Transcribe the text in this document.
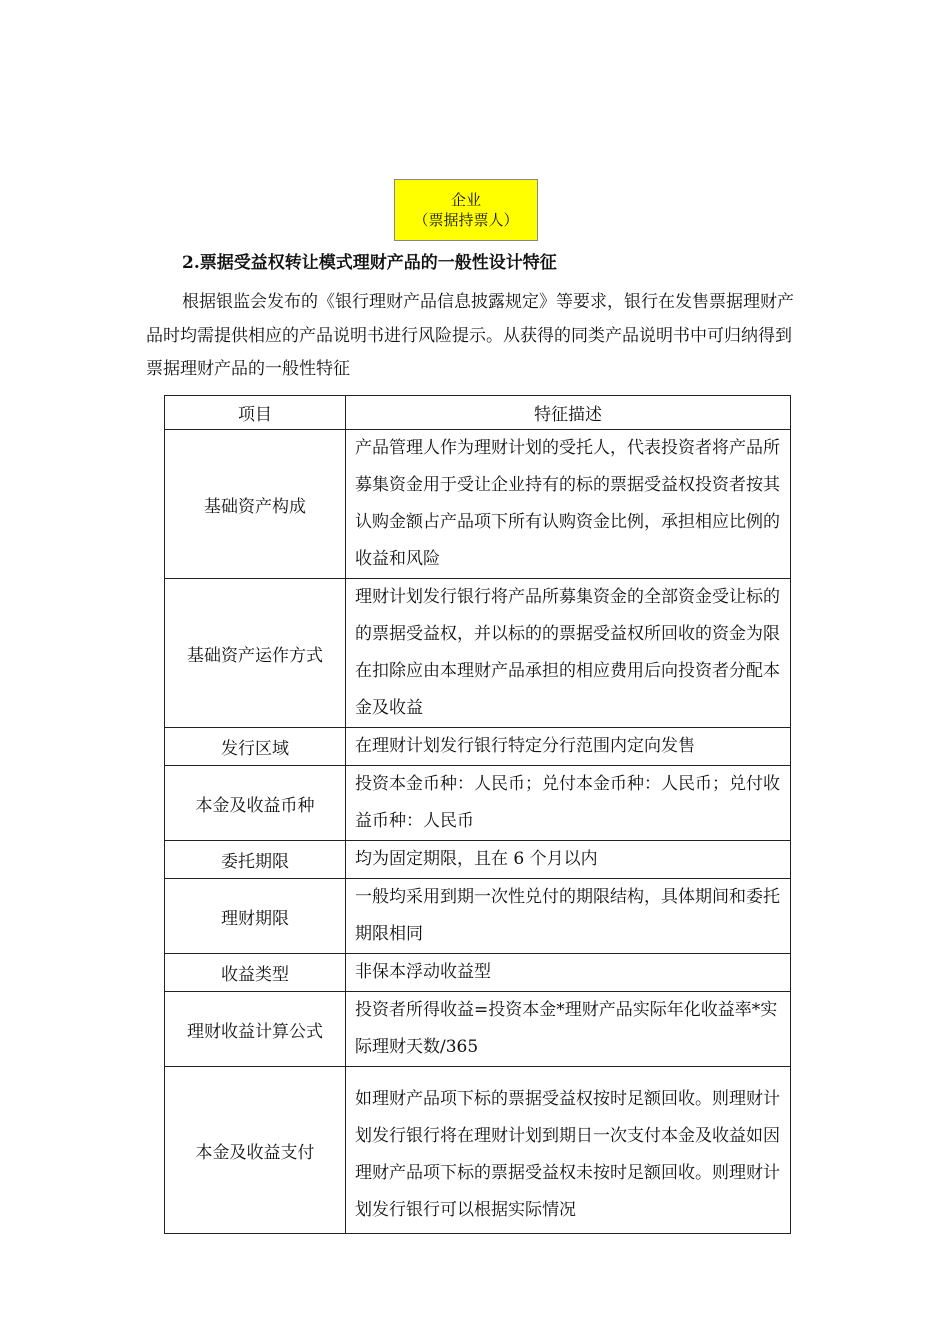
企业
（票据持票人）
2.票据受益权转让模式理财产品的一般性设计特征

根据银监会发布的《银行理财产品信息披露规定》等要求，银行在发售票据理财产品时均需提供相应的产品说明书进行风险提示。从获得的同类产品说明书中可归纳得到票据理财产品的一般性特征

项目	特征描述
基础资产构成	产品管理人作为理财计划的受托人，代表投资者将产品所募集资金用于受让企业持有的标的票据受益权投资者按其认购金额占产品项下所有认购资金比例，承担相应比例的收益和风险
基础资产运作方式	理财计划发行银行将产品所募集资金的全部资金受让标的的票据受益权，并以标的的票据受益权所回收的资金为限在扣除应由本理财产品承担的相应费用后向投资者分配本金及收益
发行区域	在理财计划发行银行特定分行范围内定向发售
本金及收益币种	投资本金币种：人民币；兑付本金币种：人民币；兑付收益币种：人民币
委托期限	均为固定期限，且在 6 个月以内
理财期限	一般均采用到期一次性兑付的期限结构，具体期间和委托期限相同
收益类型	非保本浮动收益型
理财收益计算公式	投资者所得收益=投资本金*理财产品实际年化收益率*实际理财天数/365
本金及收益支付	如理财产品项下标的票据受益权按时足额回收。则理财计划发行银行将在理财计划到期日一次支付本金及收益如因理财产品项下标的票据受益权未按时足额回收。则理财计划发行银行可以根据实际情况
